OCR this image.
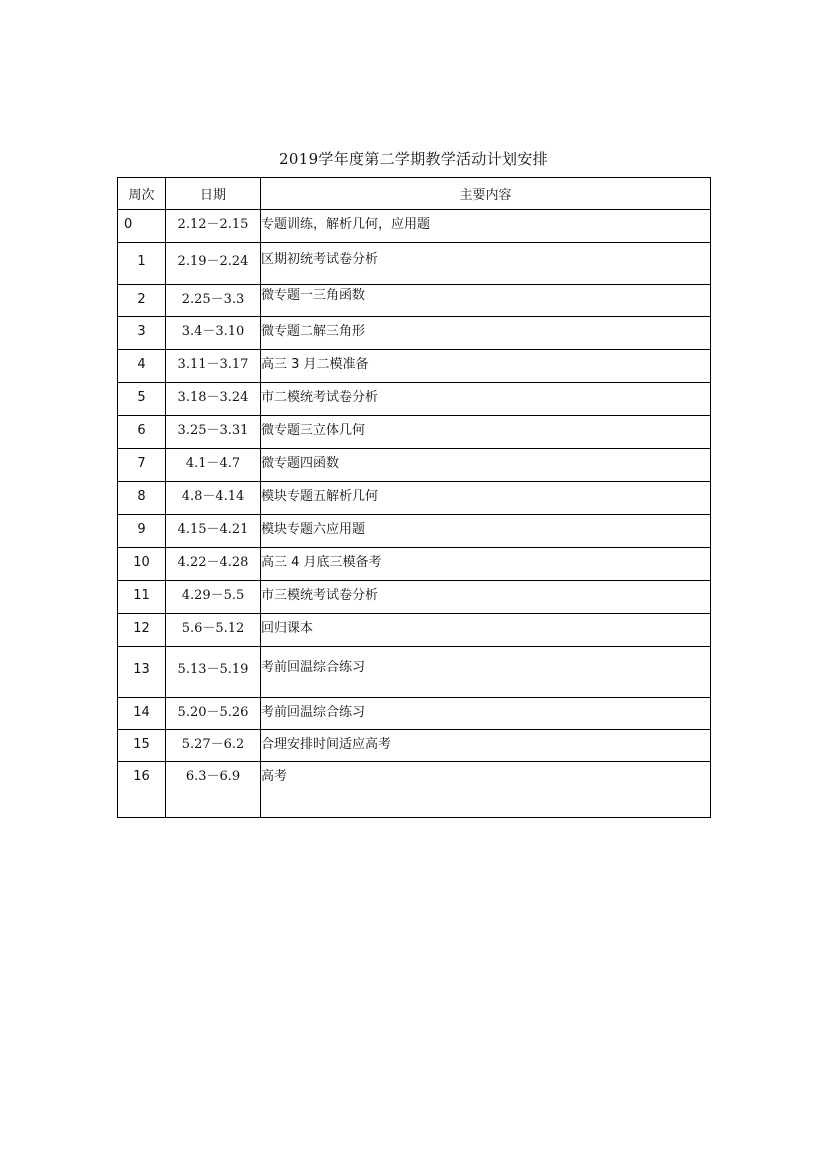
2019学年度第二学期教学活动计划安排
周次	日期	主要内容

0	2.12－2.15	专题训练，解析几何，应用题

1	2.19－2.24	区期初统考试卷分析

2	2.25－3.3	微专题一三角函数

3	3.4－3.10	微专题二解三角形

4	3.11－3.17	高三 3 月二模准备

5	3.18－3.24	市二模统考试卷分析

6	3.25－3.31	微专题三立体几何

7	4.1－4.7	微专题四函数

8	4.8－4.14	模块专题五解析几何

9	4.15－4.21	模块专题六应用题

10	4.22－4.28	高三 4 月底三模备考

11	4.29－5.5	市三模统考试卷分析

12	5.6－5.12	回归课本

13	5.13－5.19	考前回温综合练习

14	5.20－5.26	考前回温综合练习

15	5.27－6.2	合理安排时间适应高考

16	6.3－6.9	高考
